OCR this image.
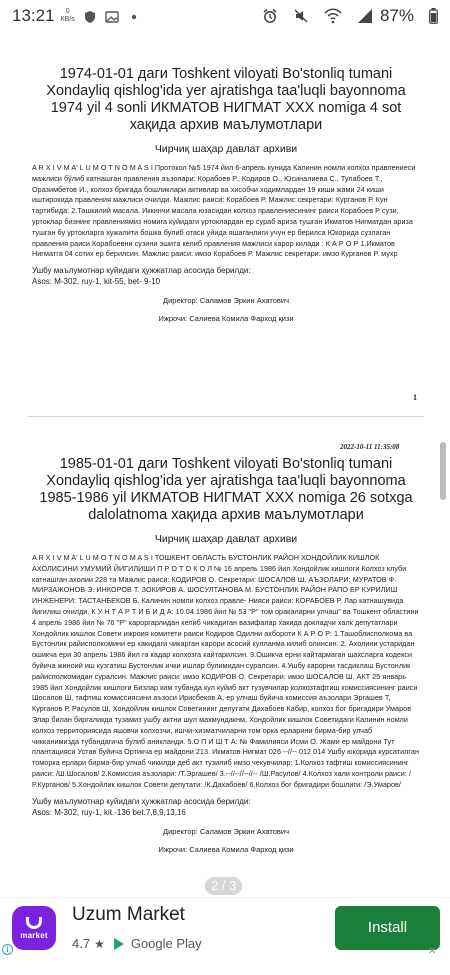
13:21	0
КВ/s	87%
1974-01-01 даги Toshkent viloyati Bo'stonliq tumani Xondayliq qishlog'ida yer ajratishga taa'luqli bayonnoma 1974 yil 4 sonli ИКМАТОВ НИГМАТ ХХХ nomiga 4 sot хақида архив маълумотлари
Чирчиқ шаҳар давлат архиви
A R X I V M A' L U M O T N O M A S I Протокол №5 1974 йил 6-апрель кунида Калинин номли колхоз правлениеси мажлиси бўлиб катнашган правления аъзолари: Корабоев Р., Кодиров О., Юсиналиева С., Тулабоев Т., Оразимбетов И., колхоз бригада бошликлари активлар ва хисобчи ходимлардан 19 киши жами 24 киши иштирокида правления мажлиси очилди. Мажлис раиси: Корабоев Р. Мажлис секретари: Курганов Р. Кун тартибида: 2.Ташкилий масала. Иккинчи масала юзасидан колхоз правлениесининг раиси Корабоев Р сузи, уртоклар бизнинг правлениямиз номига куйидаги уртоклардан ер сураб ариза тушган Икматов Нигматдан ариза тушган бу уртокларга хужалити бошка булиб отаси уйида яшаганлиги учун ер берилса Юкорида сузлаган правления раиси Корабоевни сузини эшита келиб правления мажлиси карор килади : К А Р О Р 1.Икматов Нигматга 04 сотих ер берилсин. Мажлис раиси: имзо Корабоев Р. Мажлис секретари: имзо Курганов Р. мухр
Ушбу маълумотнар куйидаги ҳужжатлар асосида берилди:
Asos: M-302, ruy-1, kit-55, bet- 9-10
Директор: Саламов Эркин Ахатович
Ижрочи: Салиева Комила Фарход қизи
1
2022-10-11 11:35:08
1985-01-01 даги Toshkent viloyati Bo'stonliq tumani Xondayliq qishlog'ida yer ajratishga taa'luqli bayonnoma 1985-1986 yil ИКМАТОВ НИГМАТ ХХХ nomiga 26 sotxga dalolatnoma хақида архив маълумотлари
Чирчиқ шаҳар давлат архиви
A R X I V M A' L U M O T N O M A S I ТОШКЕНТ ОБЛАСТЬ БУСТОНЛИК РАЙОН ХОНДОЙЛИК КИШЛОК АХОЛИСИНИ УМУМИЙ ЙИГИЛИШИ П Р О Т О К О Л № 16 апрель 1986 йил Хондойлик кишлоги Колхоз клуби катнашган ахолии 228 та Мажлис раиси: КОДИРОВ О. Секретари: ШОСАЛОВ Ш. АЪЗОЛАРИ: МУРАТОВ Ф. МИРЗАЖОНОВ Э. ИНКОРОВ Т. ЗОКИРОВ А. ШОСУЛТАНОВА М. БУСТОНЛИК РАЙОН РАПО ЕР КУРИЛИШ ИНЖЕНЕРИ: ТАСТАНБЕКОВ Б. Калинин номли колхоз правле- Нияси раиси: КОРАБОЕВ Р. Лар катнашувида йигилиш очилди. К У Н Т А Р Т И Б И Д А: 10.04.1986 йил № 53 "Р" том оракаларни улчаш" ва Тошкент областини 4 апрель 1986 йил № 76 "Р" кароргарлидан келиб чикадиган вазифалар хакида докладчи халк депутатлари Хондойлик кишлок Совети ижроия комитети раиси Кодиров Одилни ахбороти К А Р О Р: 1.Ташоблисполкома ва Бустонлик райисполкомини ер хакидаги чикарган карори асосий кулланма килиб олинсин. 2. Ахолини устаридан ошикча ери 30 апрель 1986 йил га кадар колхозга кайтарилсин. 3.Ошикча ерни кайтармаган шахсларга кодекси буйича жиноий иш кузгатиш Бустонлик ички ишлар булимидан суралсин. 4.Ушбу карорни тасдиклаш Бустонлик райисполкомидан суралсин. Мажлис раиси: имзо КОДИРОВ О. Секретари: имзо ШОСАЛОВ Ш. АКТ 25 январь 1985 йил Хондойлик кишлоги Бизлар ким тубанда кул куйиб акт тузувчилар колхозтафтиш комиссиясининг раиси Шосалов Ш, тафтиш комиссиясини аъзоси Ирисбеков А, ер улчаш буйича комиссия аъзолари Эргашев Т, Курганов Р, Расулов Ш, Хондойлик кишлок Советининг депутати Дахабоев Кабир, колхоз бог бригадири Умаров Элар билан биргаликда тузамиз ушбу актни шул махмундакнм, Хондойлик кишлок Советидаги Калинин номли колхоз территориясида яшовчи колхозчи, ишчи-хизматчиларни том орка ерларини бирма-бир улчаб чикканимизда тубандагича булиб аникланди. 5.О П И Ш Т А: № Фамилияси Исми О. Жами ер майдони Тут плантацияси Устав буйича Ортикча ер майдони 213. Икматов Нигмат 026 --//-- 012 014 Ушбу юкорида курсатилган томорка ерлари бирма-бир улчаб чикилди деб акт тузилиб имзо чекувчилар: 1.Колхоз тафтиш комиссиясининг раиси: /Ш.Шосалов/ 2.Комиссия аъзолари: /Т.Эргашев/ 3.--//--//--//-- /Ш.Расулов/ 4.Колхоз хали контроли раиси: /Р.Курганов/ 5.Хондойлик кишлок Совети депутати: /К.Дахабоев/ 6.Колхоз бог бригадири бошлиги: /Э.Умаров/
Ушбу маълумотнар куйидаги ҳужжатлар асосида берилди:
Asos: M-302, ruy-1, kit.-136 bet.7,8,9,13,16
Директор: Саламов Эркин Ахатович
Ижрочи: Салиева Комила Фарход қизи
2 / 3
market
i
Uzum Market
4.7 ★ Google Play
Install
✕
